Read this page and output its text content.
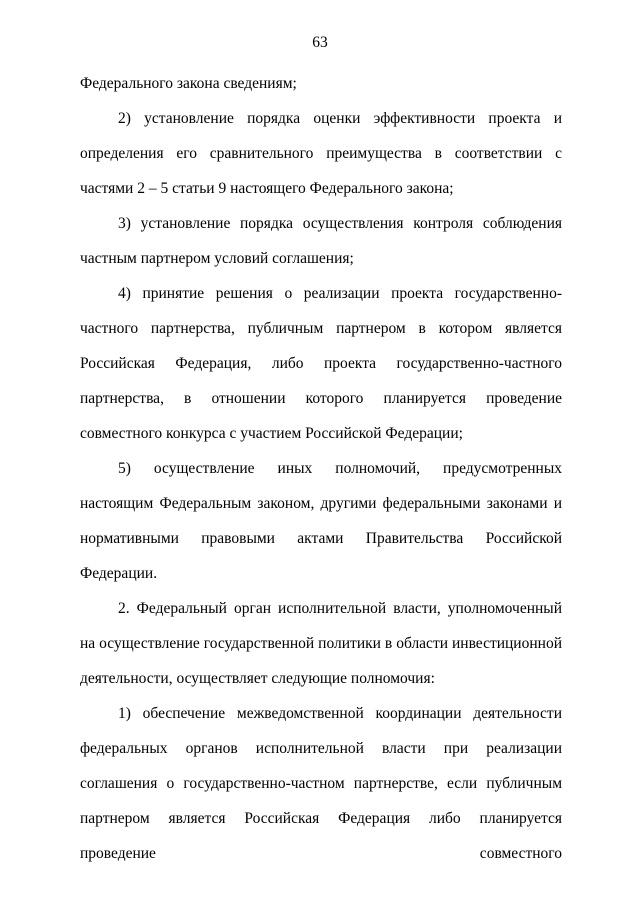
63

Федерального закона сведениям;

2) установление порядка оценки эффективности проекта и определения его сравнительного преимущества в соответствии с частями 2 – 5 статьи 9 настоящего Федерального закона;

3) установление порядка осуществления контроля соблюдения частным партнером условий соглашения;

4) принятие решения о реализации проекта государственно-частного партнерства, публичным партнером в котором является Российская Федерация, либо проекта государственно-частного партнерства, в отношении которого планируется проведение совместного конкурса с участием Российской Федерации;

5) осуществление иных полномочий, предусмотренных настоящим Федеральным законом, другими федеральными законами и нормативными правовыми актами Правительства Российской Федерации.

2. Федеральный орган исполнительной власти, уполномоченный на осуществление государственной политики в области инвестиционной деятельности, осуществляет следующие полномочия:

1) обеспечение межведомственной координации деятельности федеральных органов исполнительной власти при реализации соглашения о государственно-частном партнерстве, если публичным партнером является Российская Федерация либо планируется проведение совместного
